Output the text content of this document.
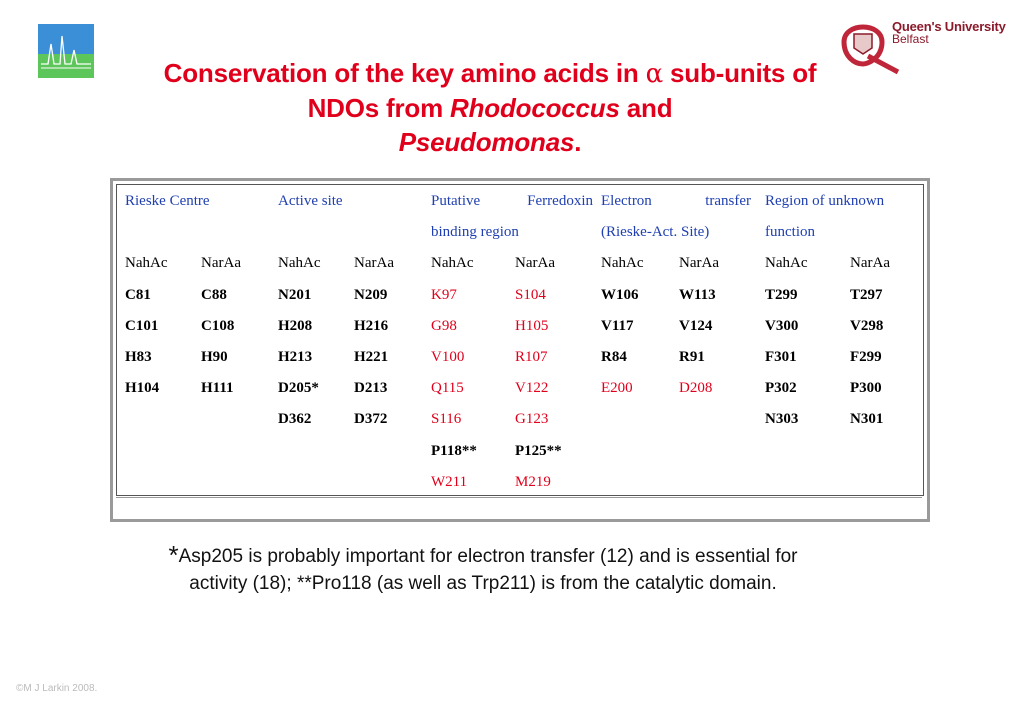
Queen's University
Belfast
Conservation of the key amino acids in α sub-units of NDOs from Rhodococcus and
Pseudomonas.
Rieske Centre		Active site		Putative Ferredoxin		Electron transfer		Region of unknown	
				binding region		(Rieske-Act. Site)		function	
NahAc	NarAa	NahAc	NarAa	NahAc	NarAa	NahAc	NarAa	NahAc	NarAa
C81	C88	N201	N209	K97	S104	W106	W113	T299	T297
C101	C108	H208	H216	G98	H105	V117	V124	V300	V298
H83	H90	H213	H221	V100	R107	R84	R91	F301	F299
H104	H111	D205*	D213	Q115	V122	E200	D208	P302	P300
		D362	D372	S116	G123			N303	N301
				P118**	P125**				
				W211	M219				
*Asp205 is probably important for electron transfer (12) and is essential for activity (18); **Pro118 (as well as Trp211) is from the catalytic domain.
©M J Larkin 2008.
